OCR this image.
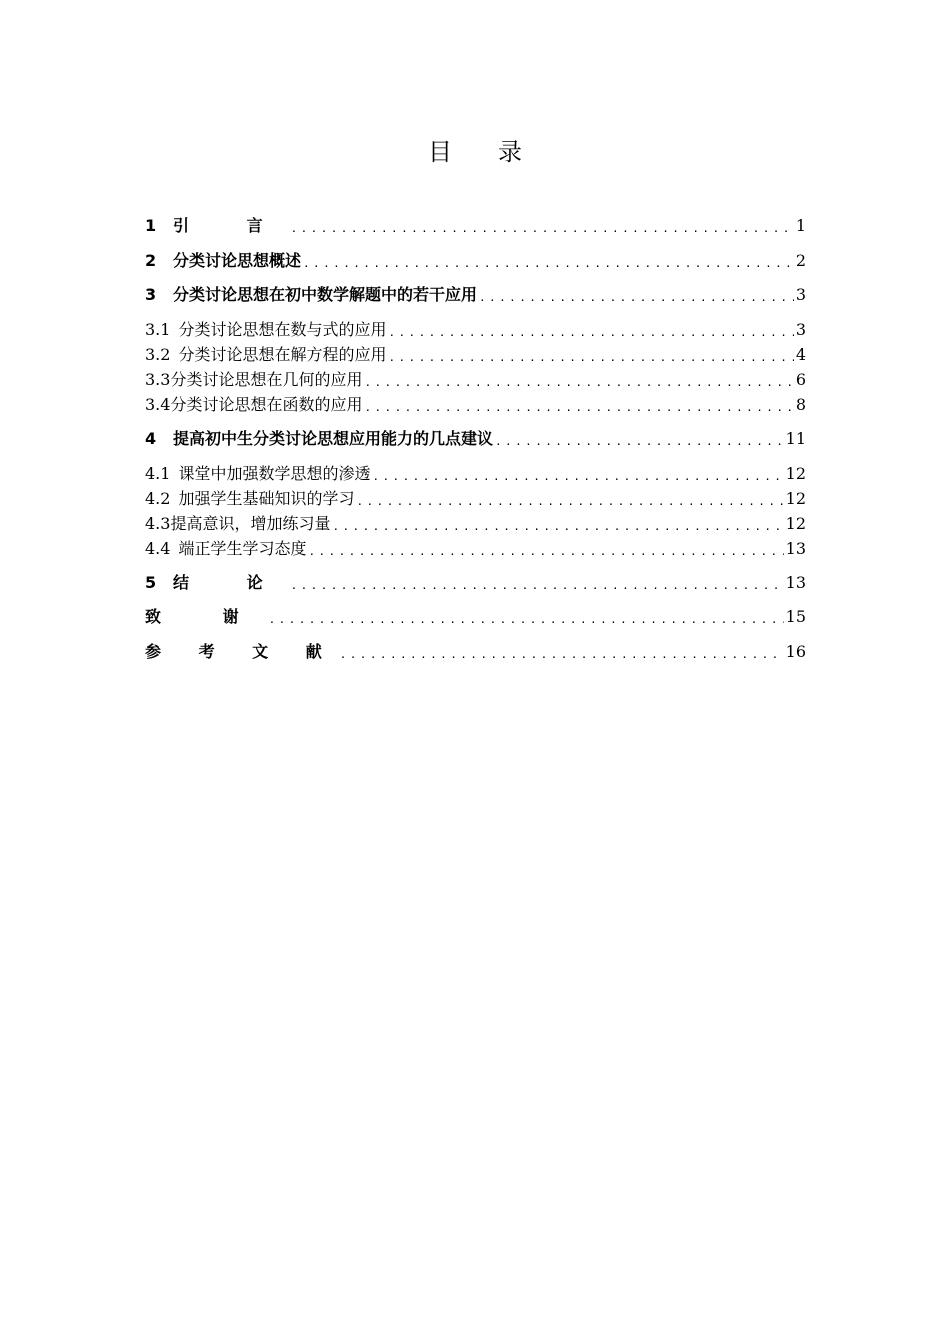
目 录
1	引 言 . . .	1
2	分类讨论思想概述 . . .	2
3	分类讨论思想在初中数学解题中的若干应用 . . .	3
3.1 分类讨论思想在数与式的应用 . . .	3
3.2 分类讨论思想在解方程的应用 . . .	4
3.3 分类讨论思想在几何的应用 . . .	6
3.4 分类讨论思想在函数的应用 . . .	8
4	提高初中生分类讨论思想应用能力的几点建议 . . .	11
4.1 课堂中加强数学思想的渗透 . . .	12
4.2 加强学生基础知识的学习 . . .	12
4.3 提高意识，增加练习量 . . .	12
4.4 端正学生学习态度 . . .	13
5	结 论 . . .	13
致 谢 . . .	15
参 考 文 献 . . .	16
